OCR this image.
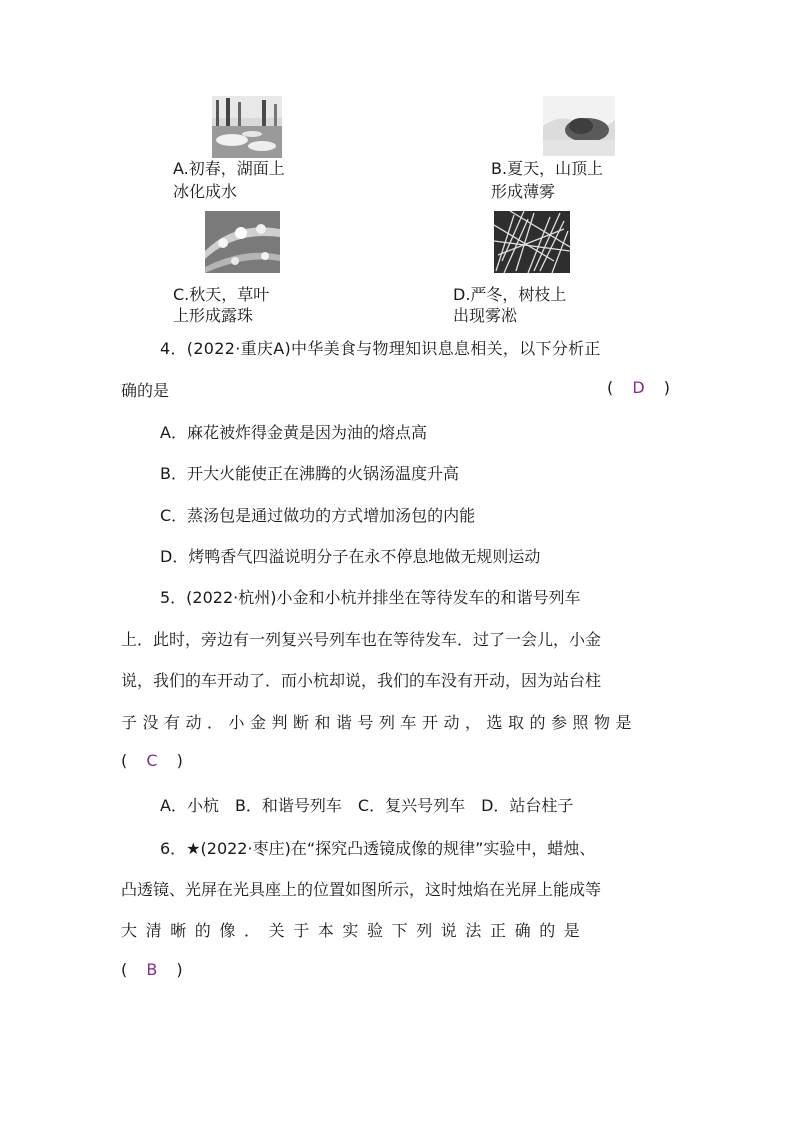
A.初春，湖面上
冰化成水
B.夏天，山顶上
形成薄雾
C.秋天，草叶
上形成露珠
D.严冬，树枝上
出现雾凇
4．(2022·重庆A)中华美食与物理知识息息相关，以下分析正
确的是	( D )
A．麻花被炸得金黄是因为油的熔点高
B．开大火能使正在沸腾的火锅汤温度升高
C．蒸汤包是通过做功的方式增加汤包的内能
D．烤鸭香气四溢说明分子在永不停息地做无规则运动
5．(2022·杭州)小金和小杭并排坐在等待发车的和谐号列车
上．此时，旁边有一列复兴号列车也在等待发车．过了一会儿，小金
说，我们的车开动了．而小杭却说，我们的车没有开动，因为站台柱
子没有动．小金判断和谐号列车开动，选取的参照物是
( C )
A．小杭　B．和谐号列车　C．复兴号列车　D．站台柱子
6．★(2022·枣庄)在“探究凸透镜成像的规律”实验中，蜡烛、
凸透镜、光屏在光具座上的位置如图所示，这时烛焰在光屏上能成等
大清晰的像．关于本实验下列说法正确的是
( B )
